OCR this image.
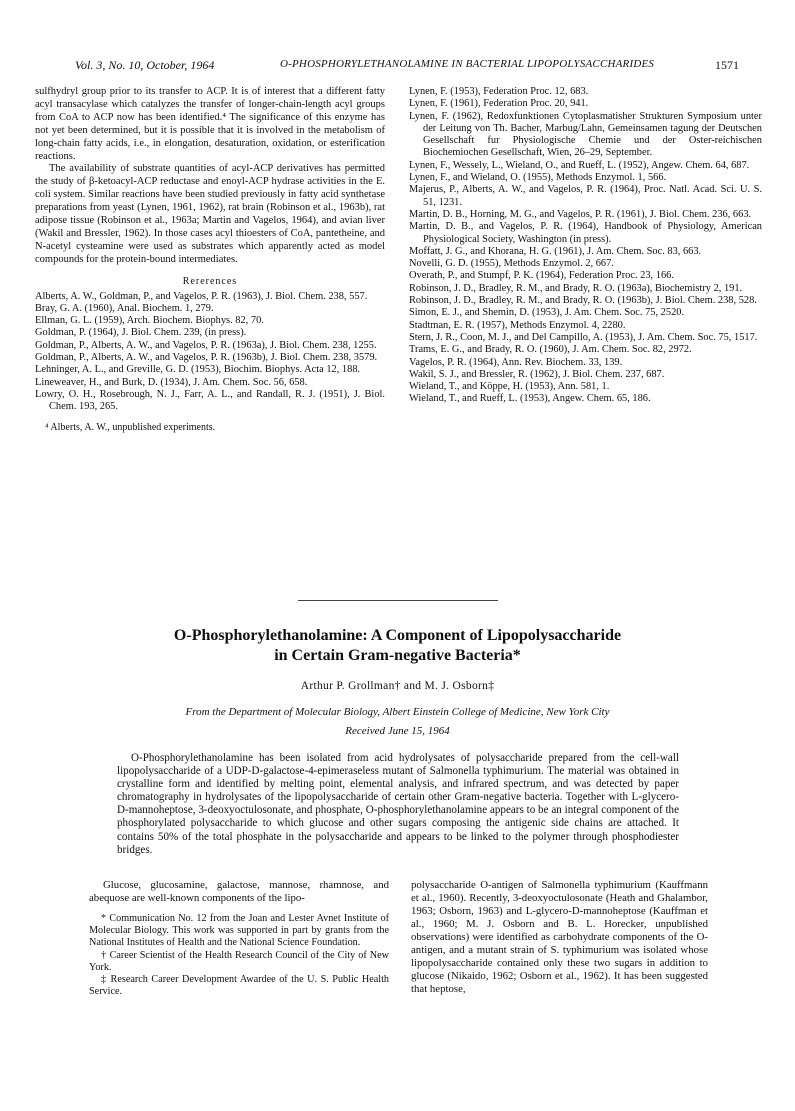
Vol. 3, No. 10, October, 1964	O-PHOSPHORYLETHANOLAMINE IN BACTERIAL LIPOPOLYSACCHARIDES	1571

sulfhydryl group prior to its transfer to ACP. It is of interest that a different fatty acyl transacylase which catalyzes the transfer of longer-chain-length acyl groups from CoA to ACP now has been identified.⁴ The significance of this enzyme has not yet been determined, but it is possible that it is involved in the metabolism of long-chain fatty acids, i.e., in elongation, desaturation, oxidation, or esterification reactions.

The availability of substrate quantities of acyl-ACP derivatives has permitted the study of β-ketoacyl-ACP reductase and enoyl-ACP hydrase activities in the E. coli system. Similar reactions have been studied previously in fatty acid synthetase preparations from yeast (Lynen, 1961, 1962), rat brain (Robinson et al., 1963b), rat adipose tissue (Robinson et al., 1963a; Martin and Vagelos, 1964), and avian liver (Wakil and Bressler, 1962). In those cases acyl thioesters of CoA, pantetheine, and N-acetyl cysteamine were used as substrates which apparently acted as model compounds for the protein-bound intermediates.

Rererences

Alberts, A. W., Goldman, P., and Vagelos, P. R. (1963), J. Biol. Chem. 238, 557.

Bray, G. A. (1960), Anal. Biochem. 1, 279.

Ellman, G. L. (1959), Arch. Biochem. Biophys. 82, 70.

Goldman, P. (1964), J. Biol. Chem. 239, (in press).

Goldman, P., Alberts, A. W., and Vagelos, P. R. (1963a), J. Biol. Chem. 238, 1255.

Goldman, P., Alberts, A. W., and Vagelos, P. R. (1963b), J. Biol. Chem. 238, 3579.

Lehninger, A. L., and Greville, G. D. (1953), Biochim. Biophys. Acta 12, 188.

Lineweaver, H., and Burk, D. (1934), J. Am. Chem. Soc. 56, 658.

Lowry, O. H., Rosebrough, N. J., Farr, A. L., and Randall, R. J. (1951), J. Biol. Chem. 193, 265.

⁴ Alberts, A. W., unpublished experiments.

Lynen, F. (1953), Federation Proc. 12, 683.

Lynen, F. (1961), Federation Proc. 20, 941.

Lynen, F. (1962), Redoxfunktionen Cytoplasmatisher Strukturen Symposium unter der Leitung von Th. Bacher, Marbug/Lahn, Gemeinsamen tagung der Deutschen Gesellschaft fur Physiologische Chemie und der Oster-reichischen Biochemiochen Gesellschaft, Wien, 26–29, September.

Lynen, F., Wessely, L., Wieland, O., and Rueff, L. (1952), Angew. Chem. 64, 687.

Lynen, F., and Wieland, O. (1955), Methods Enzymol. 1, 566.

Majerus, P., Alberts, A. W., and Vagelos, P. R. (1964), Proc. Natl. Acad. Sci. U. S. 51, 1231.

Martin, D. B., Horning, M. G., and Vagelos, P. R. (1961), J. Biol. Chem. 236, 663.

Martin, D. B., and Vagelos, P. R. (1964), Handbook of Physiology, American Physiological Society, Washington (in press).

Moffatt, J. G., and Khorana, H. G. (1961), J. Am. Chem. Soc. 83, 663.

Novelli, G. D. (1955), Methods Enzymol. 2, 667.

Overath, P., and Stumpf, P. K. (1964), Federation Proc. 23, 166.

Robinson, J. D., Bradley, R. M., and Brady, R. O. (1963a), Biochemistry 2, 191.

Robinson, J. D., Bradley, R. M., and Brady, R. O. (1963b), J. Biol. Chem. 238, 528.

Simon, E. J., and Shemin, D. (1953), J. Am. Chem. Soc. 75, 2520.

Stadtman, E. R. (1957), Methods Enzymol. 4, 2280.

Stern, J. R., Coon, M. J., and Del Campillo, A. (1953), J. Am. Chem. Soc. 75, 1517.

Trams, E. G., and Brady, R. O. (1960), J. Am. Chem. Soc. 82, 2972.

Vagelos, P. R. (1964), Ann. Rev. Biochem. 33, 139.

Wakil, S. J., and Bressler, R. (1962), J. Biol. Chem. 237, 687.

Wieland, T., and Köppe, H. (1953), Ann. 581, 1.

Wieland, T., and Rueff, L. (1953), Angew. Chem. 65, 186.

O-Phosphorylethanolamine: A Component of Lipopolysaccharide
in Certain Gram-negative Bacteria*
Arthur P. Grollman† and M. J. Osborn‡
From the Department of Molecular Biology, Albert Einstein College of Medicine, New York City
Received June 15, 1964

O-Phosphorylethanolamine has been isolated from acid hydrolysates of polysaccharide prepared from the cell-wall lipopolysaccharide of a UDP-D-galactose-4-epimeraseless mutant of Salmonella typhimurium. The material was obtained in crystalline form and identified by melting point, elemental analysis, and infrared spectrum, and was detected by paper chromatography in hydrolysates of the lipopolysaccharide of certain other Gram-negative bacteria. Together with L-glycero-D-mannoheptose, 3-deoxyoctulosonate, and phosphate, O-phosphorylethanolamine appears to be an integral component of the phosphorylated polysaccharide to which glucose and other sugars composing the antigenic side chains are attached. It contains 50% of the total phosphate in the polysaccharide and appears to be linked to the polymer through phosphodiester bridges.

Glucose, glucosamine, galactose, mannose, rhamnose, and abequose are well-known components of the lipo-

* Communication No. 12 from the Joan and Lester Avnet Institute of Molecular Biology. This work was supported in part by grants from the National Institutes of Health and the National Science Foundation.

† Career Scientist of the Health Research Council of the City of New York.

‡ Research Career Development Awardee of the U. S. Public Health Service.

polysaccharide O-antigen of Salmonella typhimurium (Kauffmann et al., 1960). Recently, 3-deoxyoctulosonate (Heath and Ghalambor, 1963; Osborn, 1963) and L-glycero-D-mannoheptose (Kauffman et al., 1960; M. J. Osborn and B. L. Horecker, unpublished observations) were identified as carbohydrate components of the O-antigen, and a mutant strain of S. typhimurium was isolated whose lipopolysaccharide contained only these two sugars in addition to glucose (Nikaido, 1962; Osborn et al., 1962). It has been suggested that heptose,
